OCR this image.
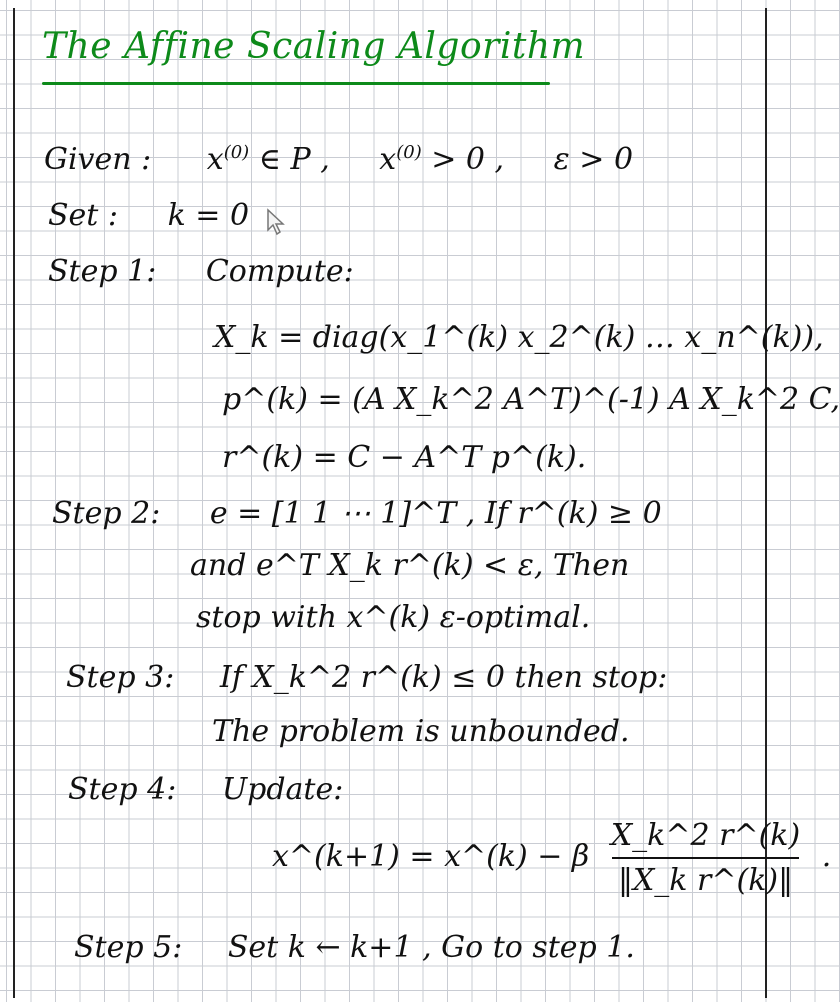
The Affine Scaling Algorithm
Given : $x^{(0)}$ ∈ P , $x^{(0)} > 0$ , ε > 0
Set : k = 0
Step 1: Compute:
X_k = diag(x_1^(k) x_2^(k) … x_n^(k)),
p^(k) = (A X_k^2 A^T)^(-1) A X_k^2 C,
r^(k) = C − A^T p^(k).
Step 2: e = [1 1 ⋯ 1]^T , If r^(k) ≥ 0
and e^T X_k r^(k) < ε, Then
stop with x^(k) ε-optimal.
Step 3: If X_k^2 r^(k) ≤ 0 then stop:
The problem is unbounded.
Step 4: Update:
x^(k+1) = x^(k) − β $\frac{X\_k\^{}2 r\^{}(k)}{\text{‖X\_k r\textasciicircum{}(k)‖}}$ .
Step 5: Set k ← k+1 , Go to step 1.
